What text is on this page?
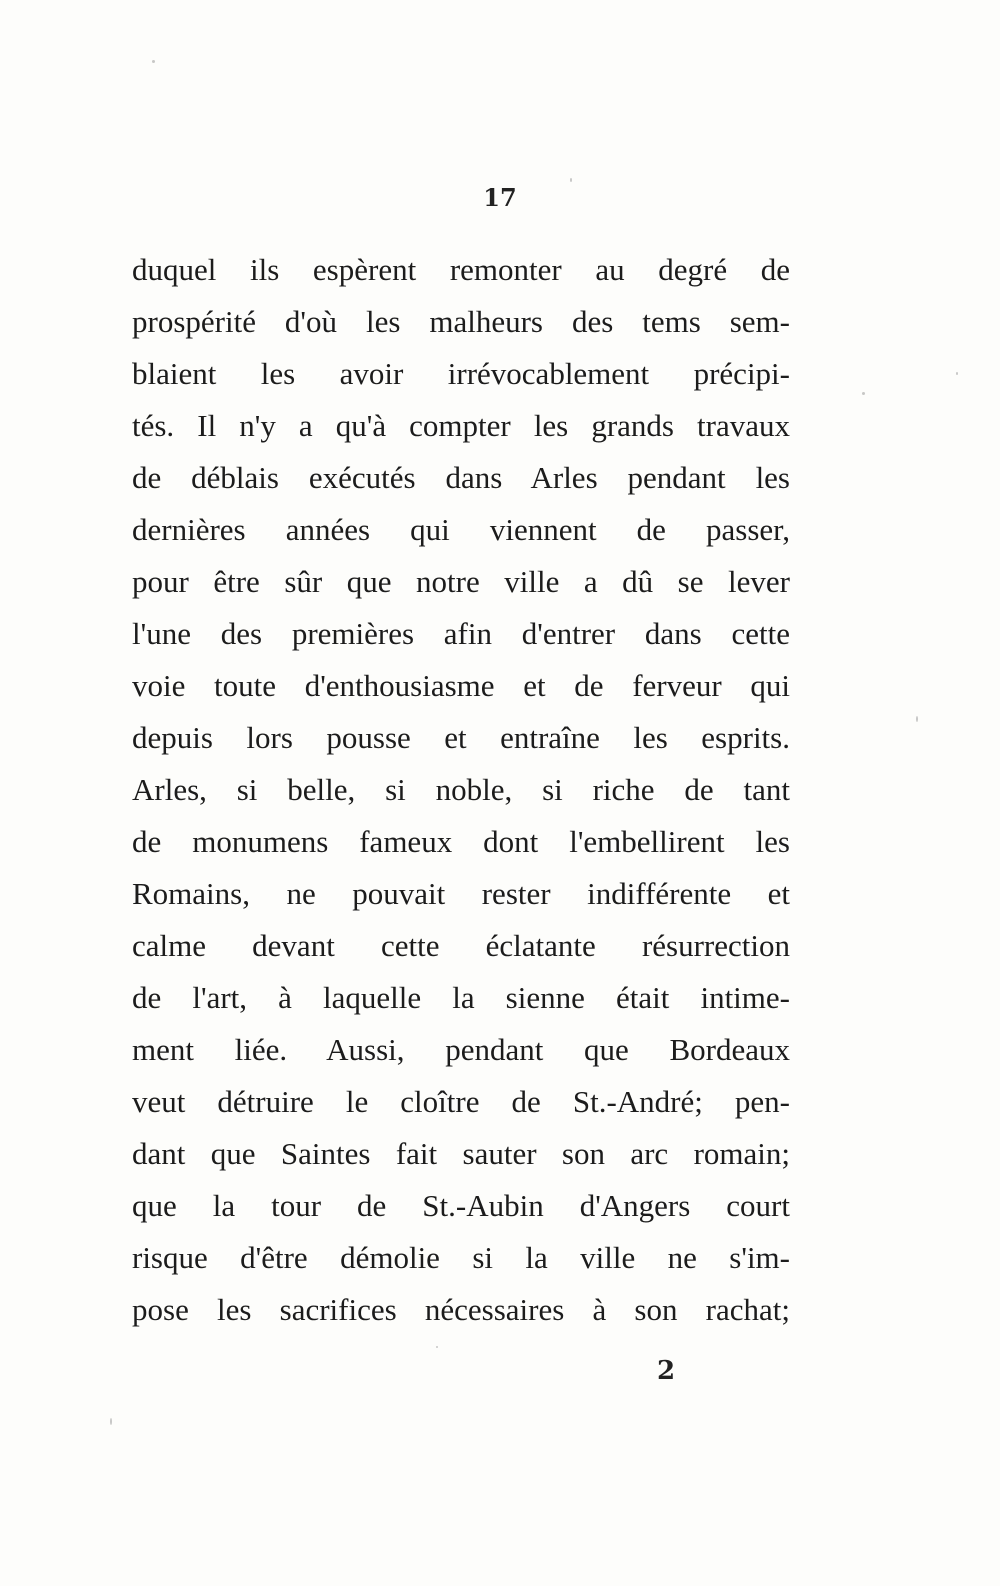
17
duquel ils espèrent remonter au degré de
prospérité d'où les malheurs des tems sem-
blaient les avoir irrévocablement précipi-
tés. Il n'y a qu'à compter les grands travaux
de déblais exécutés dans Arles pendant les
dernières années qui viennent de passer,
pour être sûr que notre ville a dû se lever
l'une des premières afin d'entrer dans cette
voie toute d'enthousiasme et de ferveur qui
depuis lors pousse et entraîne les esprits.
Arles, si belle, si noble, si riche de tant
de monumens fameux dont l'embellirent les
Romains, ne pouvait rester indifférente et
calme devant cette éclatante résurrection
de l'art, à laquelle la sienne était intime-
ment liée. Aussi, pendant que Bordeaux
veut détruire le cloître de St.-André; pen-
dant que Saintes fait sauter son arc romain;
que la tour de St.-Aubin d'Angers court
risque d'être démolie si la ville ne s'im-
pose les sacrifices nécessaires à son rachat;
2
